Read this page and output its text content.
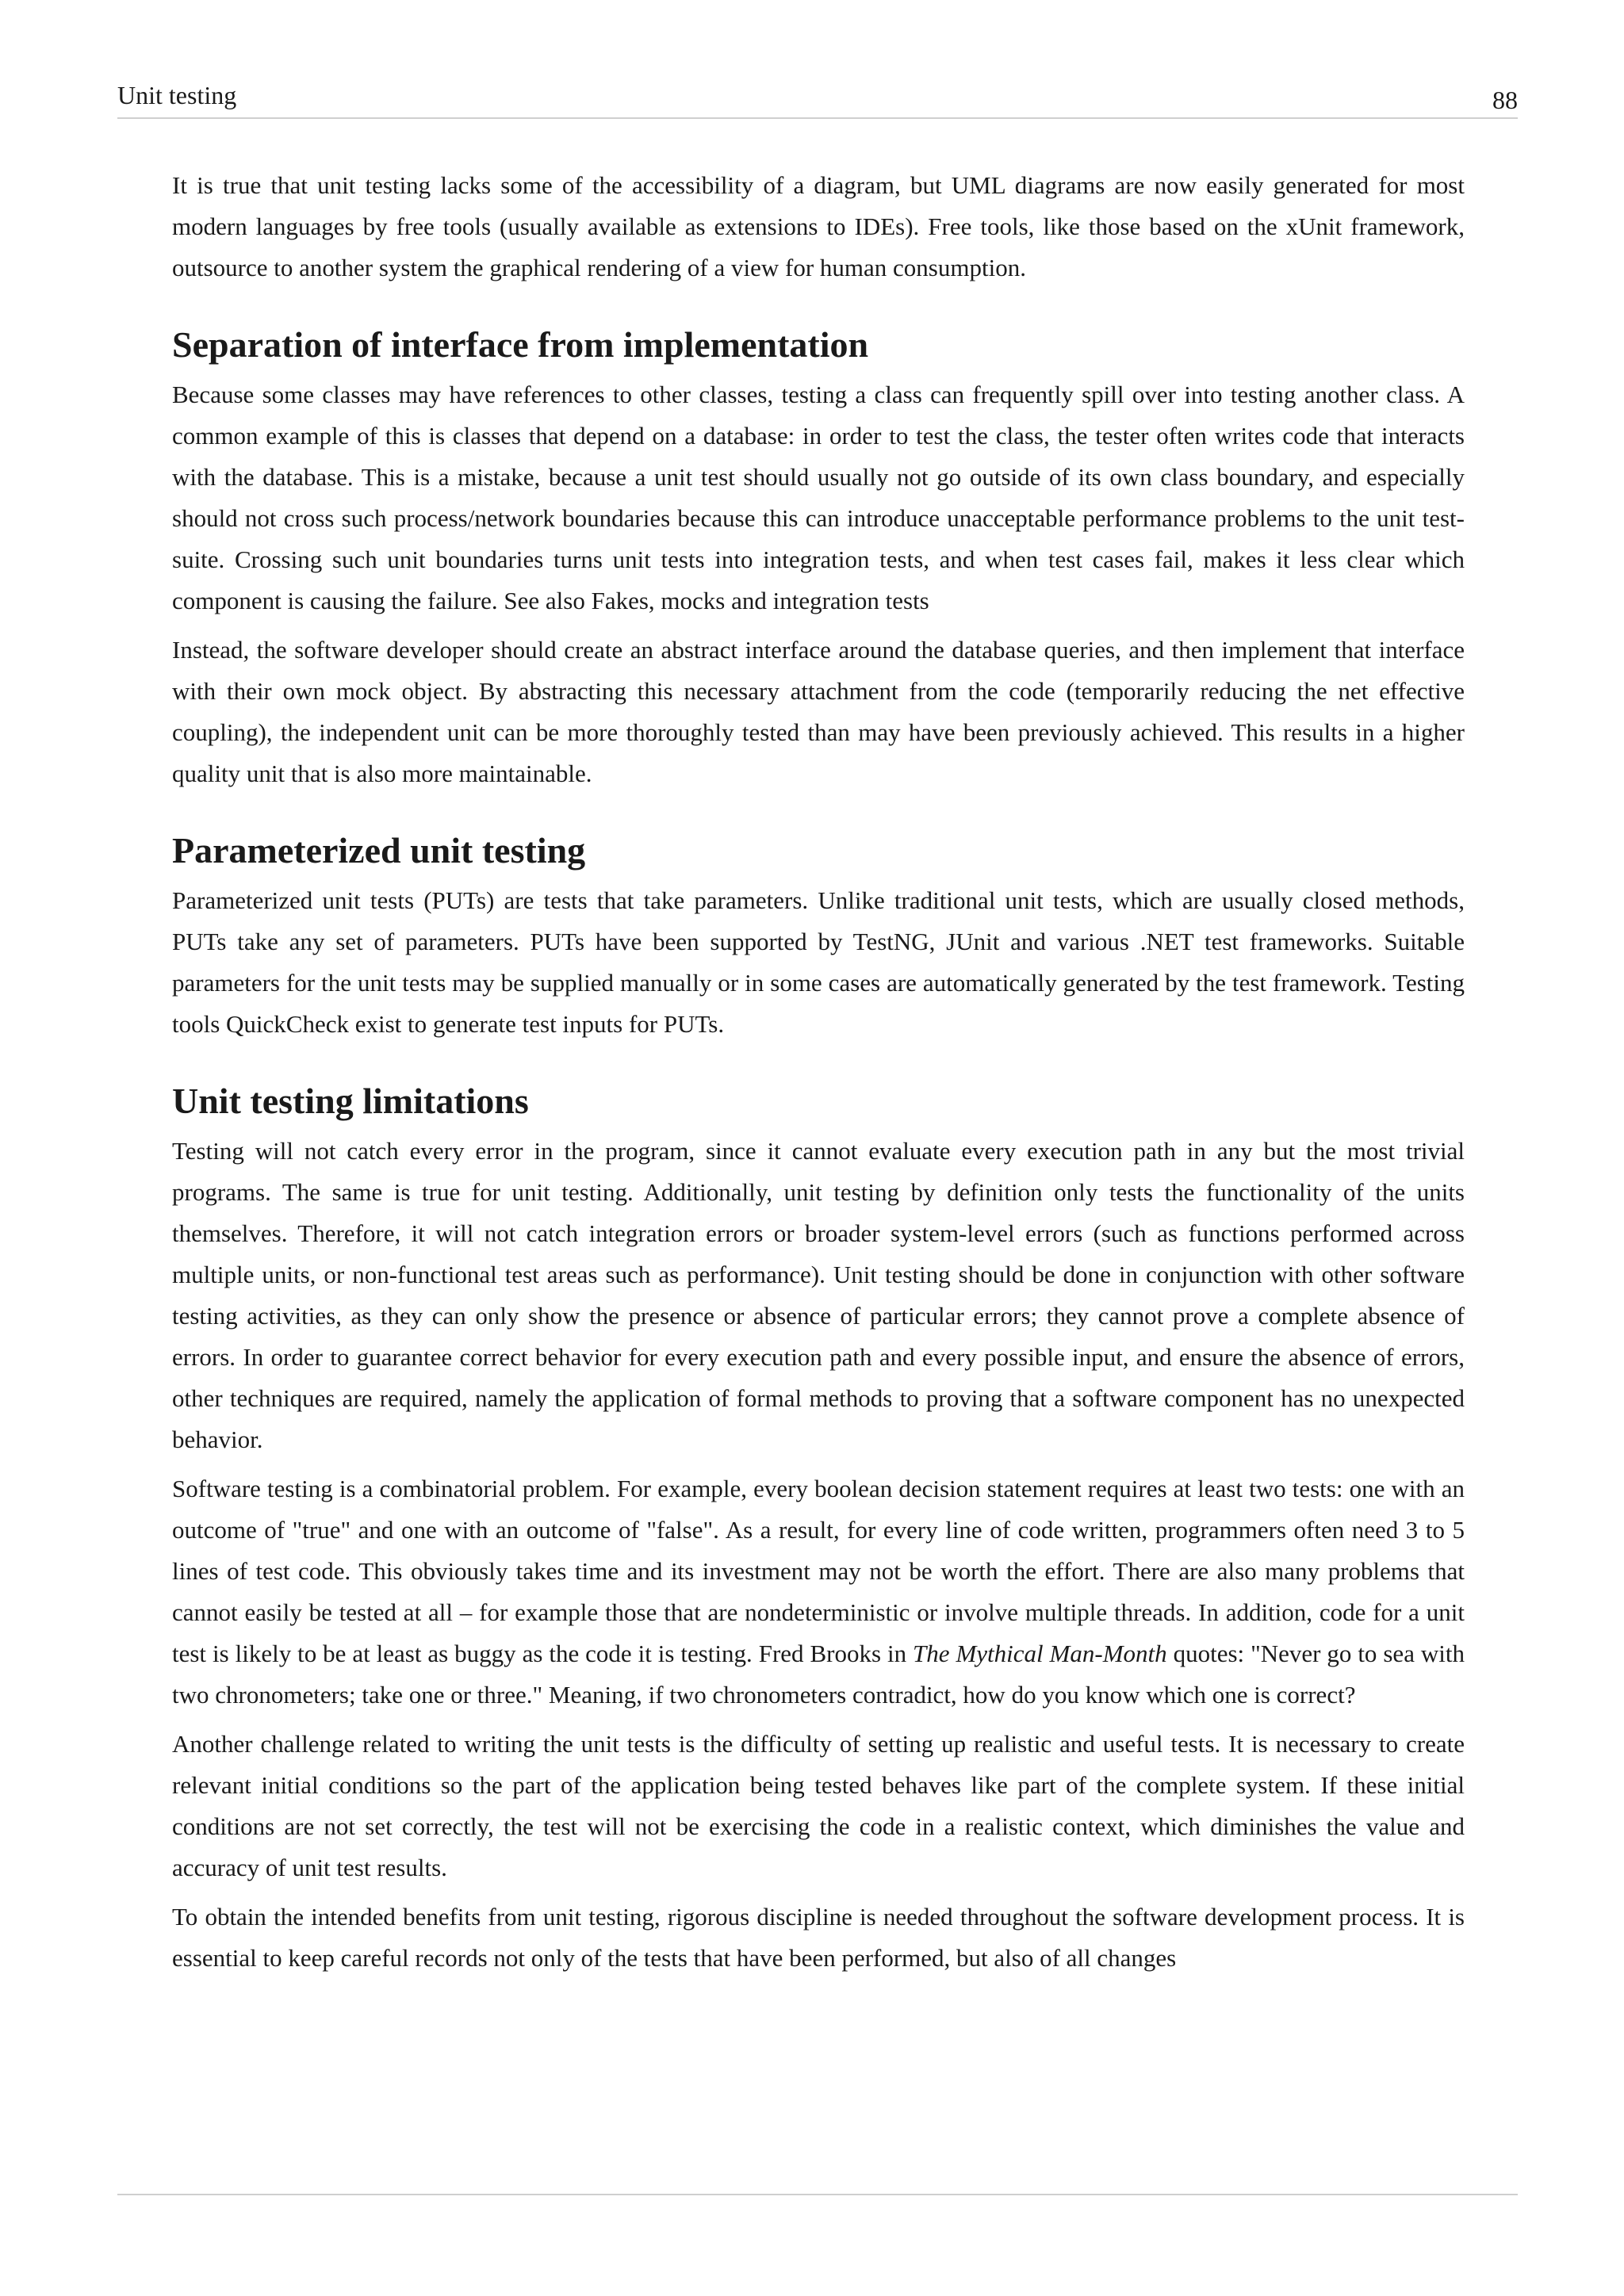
Unit testing	88

It is true that unit testing lacks some of the accessibility of a diagram, but UML diagrams are now easily generated for most modern languages by free tools (usually available as extensions to IDEs). Free tools, like those based on the xUnit framework, outsource to another system the graphical rendering of a view for human consumption.

Separation of interface from implementation

Because some classes may have references to other classes, testing a class can frequently spill over into testing another class. A common example of this is classes that depend on a database: in order to test the class, the tester often writes code that interacts with the database. This is a mistake, because a unit test should usually not go outside of its own class boundary, and especially should not cross such process/network boundaries because this can introduce unacceptable performance problems to the unit test-suite. Crossing such unit boundaries turns unit tests into integration tests, and when test cases fail, makes it less clear which component is causing the failure. See also Fakes, mocks and integration tests

Instead, the software developer should create an abstract interface around the database queries, and then implement that interface with their own mock object. By abstracting this necessary attachment from the code (temporarily reducing the net effective coupling), the independent unit can be more thoroughly tested than may have been previously achieved. This results in a higher quality unit that is also more maintainable.

Parameterized unit testing

Parameterized unit tests (PUTs) are tests that take parameters. Unlike traditional unit tests, which are usually closed methods, PUTs take any set of parameters. PUTs have been supported by TestNG, JUnit and various .NET test frameworks. Suitable parameters for the unit tests may be supplied manually or in some cases are automatically generated by the test framework. Testing tools QuickCheck exist to generate test inputs for PUTs.

Unit testing limitations

Testing will not catch every error in the program, since it cannot evaluate every execution path in any but the most trivial programs. The same is true for unit testing. Additionally, unit testing by definition only tests the functionality of the units themselves. Therefore, it will not catch integration errors or broader system-level errors (such as functions performed across multiple units, or non-functional test areas such as performance). Unit testing should be done in conjunction with other software testing activities, as they can only show the presence or absence of particular errors; they cannot prove a complete absence of errors. In order to guarantee correct behavior for every execution path and every possible input, and ensure the absence of errors, other techniques are required, namely the application of formal methods to proving that a software component has no unexpected behavior.

Software testing is a combinatorial problem. For example, every boolean decision statement requires at least two tests: one with an outcome of "true" and one with an outcome of "false". As a result, for every line of code written, programmers often need 3 to 5 lines of test code. This obviously takes time and its investment may not be worth the effort. There are also many problems that cannot easily be tested at all – for example those that are nondeterministic or involve multiple threads. In addition, code for a unit test is likely to be at least as buggy as the code it is testing. Fred Brooks in The Mythical Man-Month quotes: "Never go to sea with two chronometers; take one or three." Meaning, if two chronometers contradict, how do you know which one is correct?

Another challenge related to writing the unit tests is the difficulty of setting up realistic and useful tests. It is necessary to create relevant initial conditions so the part of the application being tested behaves like part of the complete system. If these initial conditions are not set correctly, the test will not be exercising the code in a realistic context, which diminishes the value and accuracy of unit test results.

To obtain the intended benefits from unit testing, rigorous discipline is needed throughout the software development process. It is essential to keep careful records not only of the tests that have been performed, but also of all changes
